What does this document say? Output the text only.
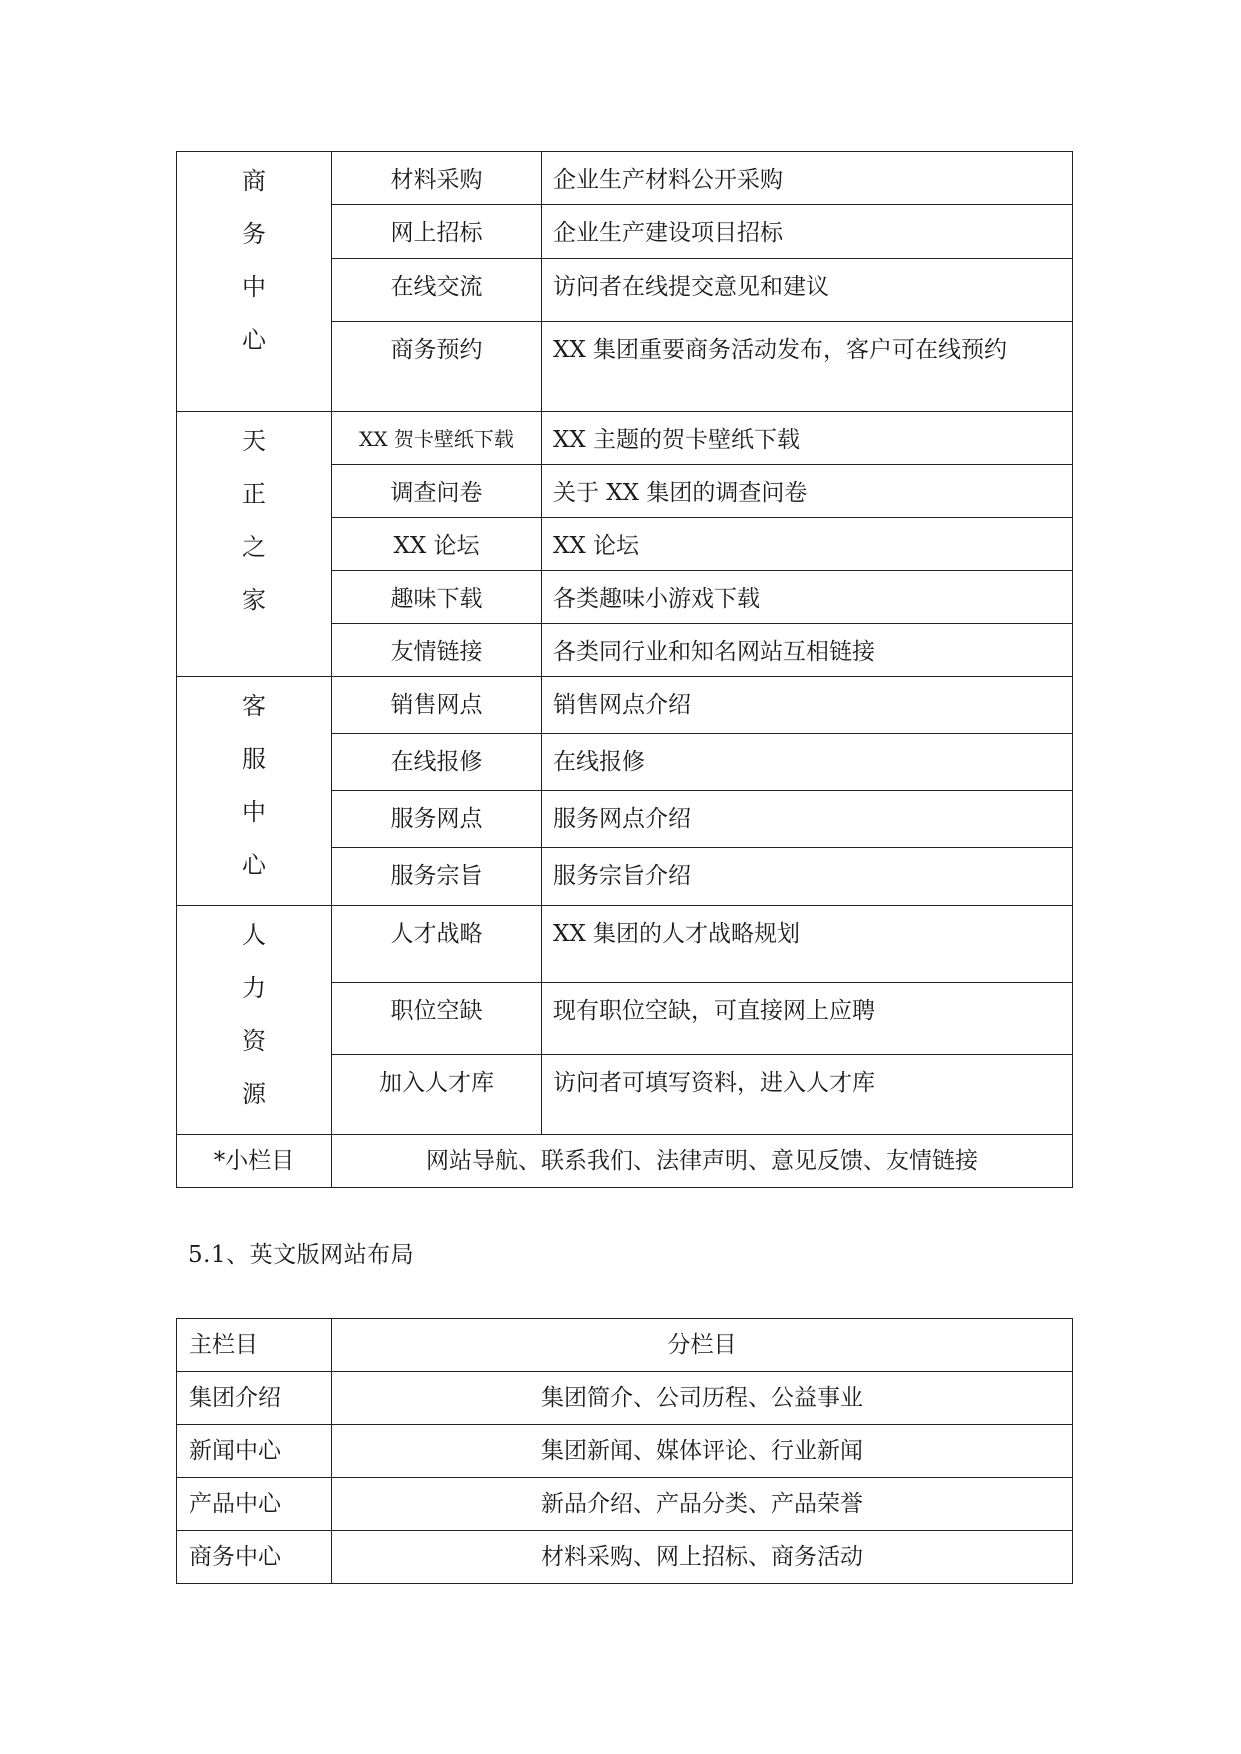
商
务
中
心	材料采购	企业生产材料公开采购
	网上招标	企业生产建设项目招标
	在线交流	访问者在线提交意见和建议
	商务预约	XX 集团重要商务活动发布，客户可在线预约

天
正
之
家	XX 贺卡壁纸下载	XX 主题的贺卡壁纸下载
	调查问卷	关于 XX 集团的调查问卷
	XX 论坛	XX 论坛
	趣味下载	各类趣味小游戏下载
	友情链接	各类同行业和知名网站互相链接

客
服
中
心	销售网点	销售网点介绍
	在线报修	在线报修
	服务网点	服务网点介绍
	服务宗旨	服务宗旨介绍

人
力
资
源	人才战略	XX 集团的人才战略规划
	职位空缺	现有职位空缺，可直接网上应聘
	加入人才库	访问者可填写资料，进入人才库
*小栏目	网站导航、联系我们、法律声明、意见反馈、友情链接	
5.1、英文版网站布局
主栏目	分栏目
集团介绍	集团简介、公司历程、公益事业
新闻中心	集团新闻、媒体评论、行业新闻
产品中心	新品介绍、产品分类、产品荣誉
商务中心	材料采购、网上招标、商务活动
